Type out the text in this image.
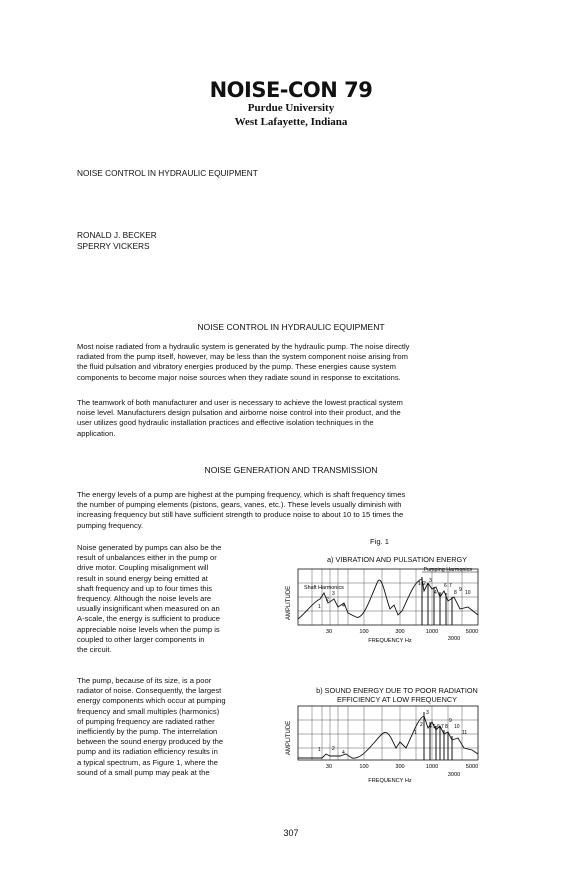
NOISE-CON 79
Purdue University
West Lafayette, Indiana
NOISE CONTROL IN HYDRAULIC EQUIPMENT
RONALD J. BECKER
SPERRY VICKERS
NOISE CONTROL IN HYDRAULIC EQUIPMENT
Most noise radiated from a hydraulic system is generated by the hydraulic pump. The noise directly
radiated from the pump itself, however, may be less than the system component noise arising from
the fluid pulsation and vibratory energies produced by the pump. These energies cause system
components to become major noise sources when they radiate sound in response to excitations.
The teamwork of both manufacturer and user is necessary to achieve the lowest practical system
noise level. Manufacturers design pulsation and airborne noise control into their product, and the
user utilizes good hydraulic installation practices and effective isolation techniques in the
application.
NOISE GENERATION AND TRANSMISSION
The energy levels of a pump are highest at the pumping frequency, which is shaft frequency times
the number of pumping elements (pistons, gears, vanes, etc.). These levels usually diminish with
increasing frequency but still have sufficient strength to produce noise to about 10 to 15 times the
pumping frequency.
Noise generated by pumps can also be the
result of unbalances either in the pump or
drive motor. Coupling misalignment will
result in sound energy being emitted at
shaft frequency and up to four times this
frequency. Although the noise levels are
usually insignificant when measured on an
A-scale, the energy is sufficient to produce
appreciable noise levels when the pump is
coupled to other larger components in
the circuit.
The pump, because of its size, is a poor
radiator of noise. Consequently, the largest
energy components which occur at pumping
frequency and small multiples (harmonics)
of pumping frequency are radiated rather
inefficiently by the pump. The interrelation
between the sound energy produced by the
pump and its radiation efficiency results in
a typical spectrum, as Figure 1, where the
sound of a small pump may peak at the
Fig. 1
a) VIBRATION AND PULSATION ENERGY
AMPLITUDE
Pumping Harmonics
Shaft Harmonics
1
2
3
4
1 2 3
4 5
6 7
8 9 10
30	100	300	1000	5000
3000
FREQUENCY Hz
b) SOUND ENERGY DUE TO POOR RADIATION
EFFICIENCY AT LOW FREQUENCY
AMPLITUDE	1 2
4
1
2
3
4 5 6 7 8
9
10
11
30	100	300	1000	5000
3000
FREQUENCY Hz
307
